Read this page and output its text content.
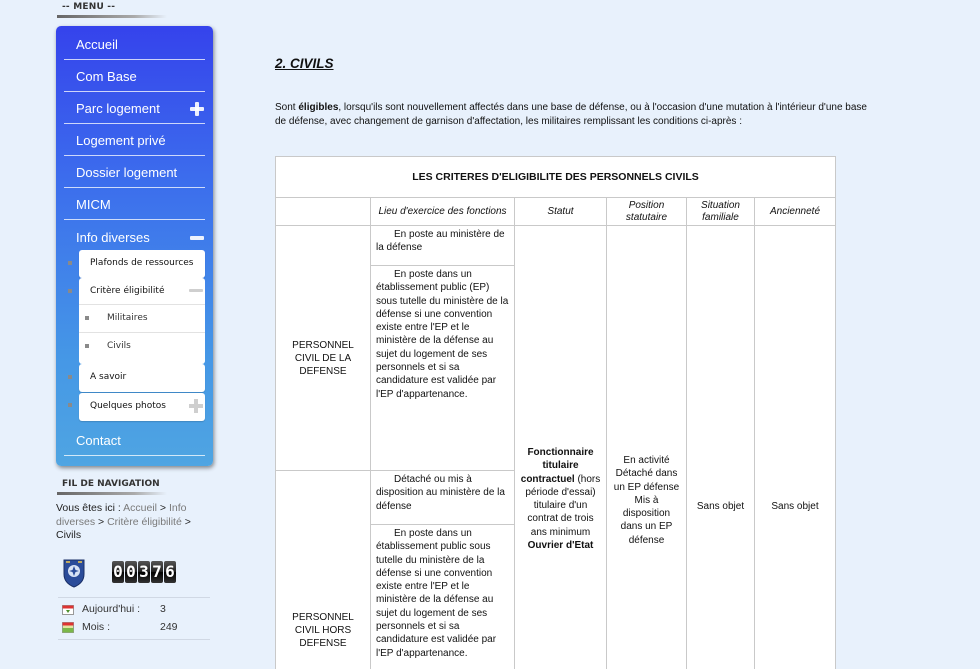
-- MENU --
Accueil
Com Base
Parc logement
Logement privé
Dossier logement
MICM
Info diverses
Plafonds de ressources
Critère éligibilité
Militaires
Civils
A savoir
Quelques photos
Contact
FIL DE NAVIGATION
Vous êtes ici : Accueil > Info diverses > Critère éligibilité >
Civils
0 0 3 7 6
Aujourd'hui : 3
Mois :	249
2. CIVILS

Sont éligibles, lorsqu'ils sont nouvellement affectés dans une base de défense, ou à l'occasion d'une mutation à l'intérieur d'une base de défense, avec changement de garnison d'affectation, les militaires remplissant les conditions ci-après :

LES CRITERES D'ELIGIBILITE DES PERSONNELS CIVILS					
	Lieu d'exercice des fonctions	Statut	Position statutaire	Situation familiale	Ancienneté
PERSONNEL CIVIL DE LA DEFENSE	En poste au ministère de la défense	Fonctionnaire titulaire contractuel (hors période d'essai) titulaire d'un contrat de trois ans minimum Ouvrier d'Etat	En activité Détaché dans un EP défense Mis à disposition dans un EP défense	Sans objet	Sans objet
	En poste dans un établissement public (EP) sous tutelle du ministère de la défense si une convention existe entre l'EP et le ministère de la défense au sujet du logement de ses personnels et si sa candidature est validée par l'EP d'appartenance.				
PERSONNEL CIVIL HORS DEFENSE	Détaché ou mis à disposition au ministère de la défense				
	En poste dans un établissement public sous tutelle du ministère de la défense si une convention existe entre l'EP et le ministère de la défense au sujet du logement de ses personnels et si sa candidature est validée par l'EP d'appartenance.				
